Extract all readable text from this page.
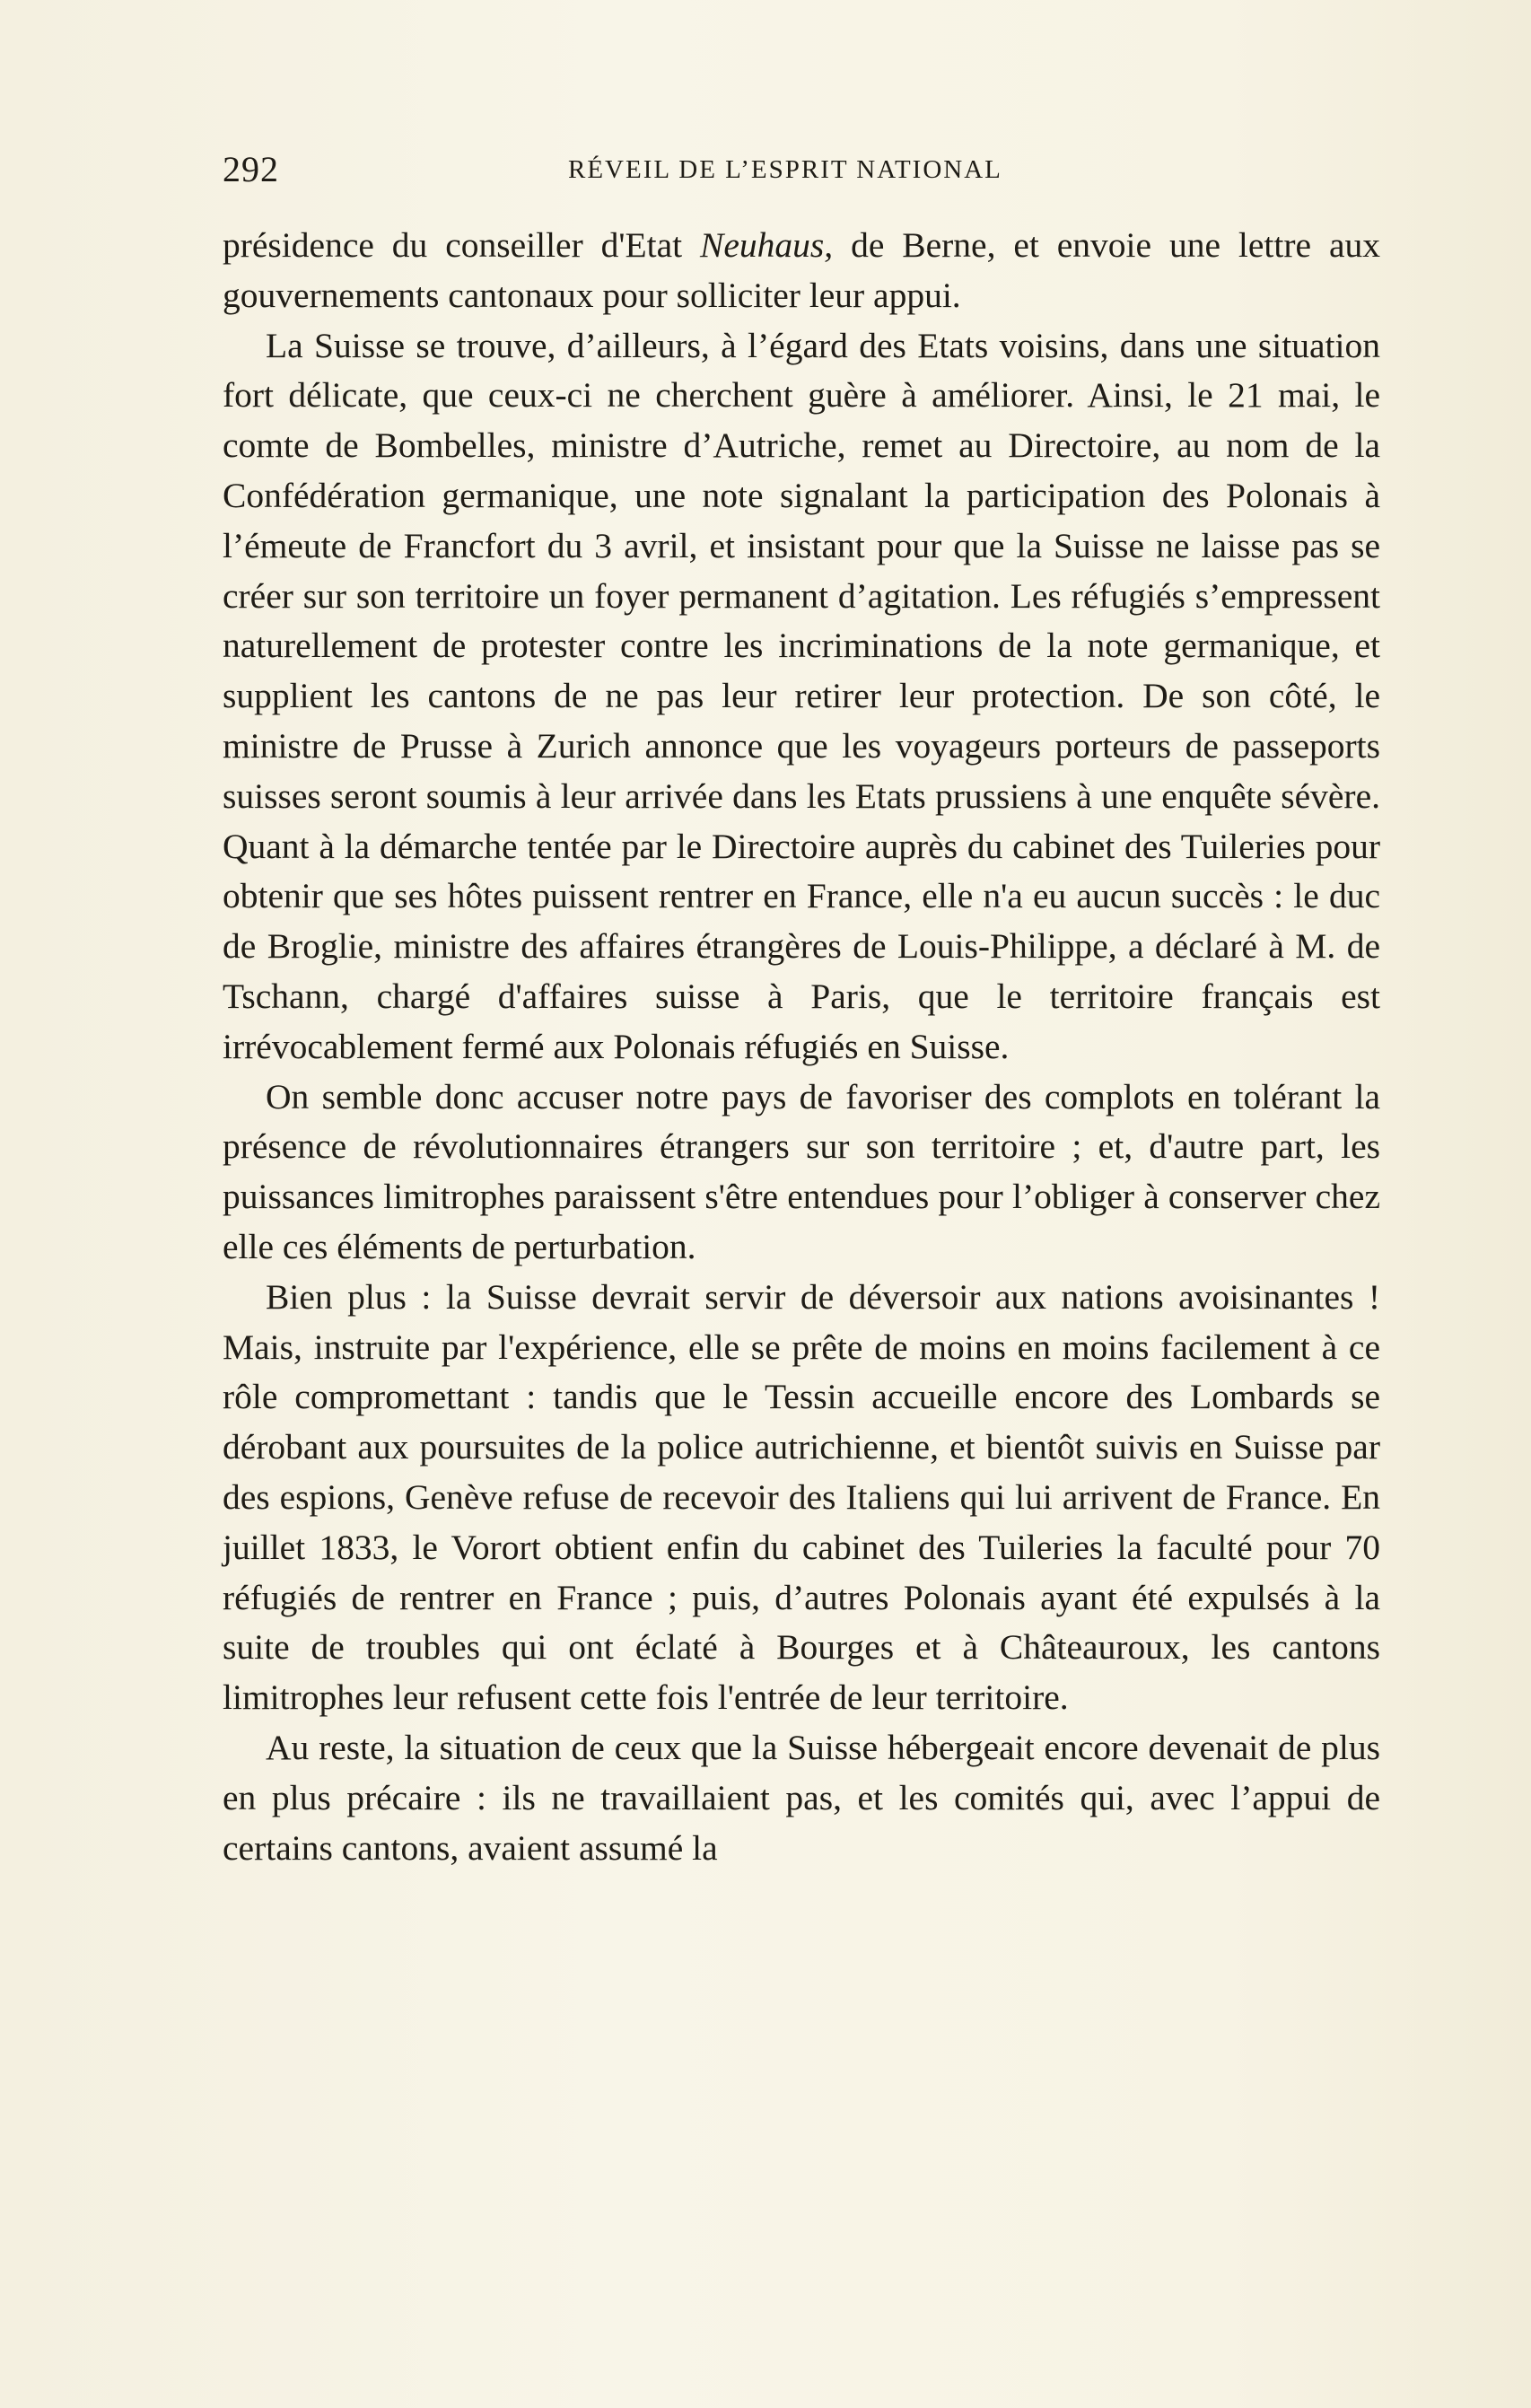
292	RÉVEIL DE L’ESPRIT NATIONAL

présidence du conseiller d'Etat Neuhaus, de Berne, et envoie une lettre aux gouvernements cantonaux pour solliciter leur appui.

La Suisse se trouve, d’ailleurs, à l’égard des Etats voisins, dans une situation fort délicate, que ceux-ci ne cherchent guère à améliorer. Ainsi, le 21 mai, le comte de Bombelles, ministre d’Autriche, remet au Directoire, au nom de la Confédération germanique, une note signalant la participation des Polonais à l’émeute de Francfort du 3 avril, et insistant pour que la Suisse ne laisse pas se créer sur son territoire un foyer permanent d’agitation. Les réfugiés s’empressent naturellement de protester contre les incriminations de la note germanique, et supplient les cantons de ne pas leur retirer leur protection. De son côté, le ministre de Prusse à Zurich annonce que les voyageurs porteurs de passeports suisses seront soumis à leur arrivée dans les Etats prussiens à une enquête sévère. Quant à la démarche tentée par le Directoire auprès du cabinet des Tuileries pour obtenir que ses hôtes puissent rentrer en France, elle n'a eu aucun succès : le duc de Broglie, ministre des affaires étrangères de Louis-Philippe, a déclaré à M. de Tschann, chargé d'affaires suisse à Paris, que le territoire français est irrévocablement fermé aux Polonais réfugiés en Suisse.

On semble donc accuser notre pays de favoriser des complots en tolérant la présence de révolutionnaires étrangers sur son territoire ; et, d'autre part, les puissances limitrophes paraissent s'être entendues pour l’obliger à conserver chez elle ces éléments de perturbation.

Bien plus : la Suisse devrait servir de déversoir aux nations avoisinantes ! Mais, instruite par l'expérience, elle se prête de moins en moins facilement à ce rôle compromettant : tandis que le Tessin accueille encore des Lombards se dérobant aux poursuites de la police autrichienne, et bientôt suivis en Suisse par des espions, Genève refuse de recevoir des Italiens qui lui arrivent de France. En juillet 1833, le Vorort obtient enfin du cabinet des Tuileries la faculté pour 70 réfugiés de rentrer en France ; puis, d’autres Polonais ayant été expulsés à la suite de troubles qui ont éclaté à Bourges et à Châteauroux, les cantons limitrophes leur refusent cette fois l'entrée de leur territoire.

Au reste, la situation de ceux que la Suisse hébergeait encore devenait de plus en plus précaire : ils ne travaillaient pas, et les comités qui, avec l’appui de certains cantons, avaient assumé la
